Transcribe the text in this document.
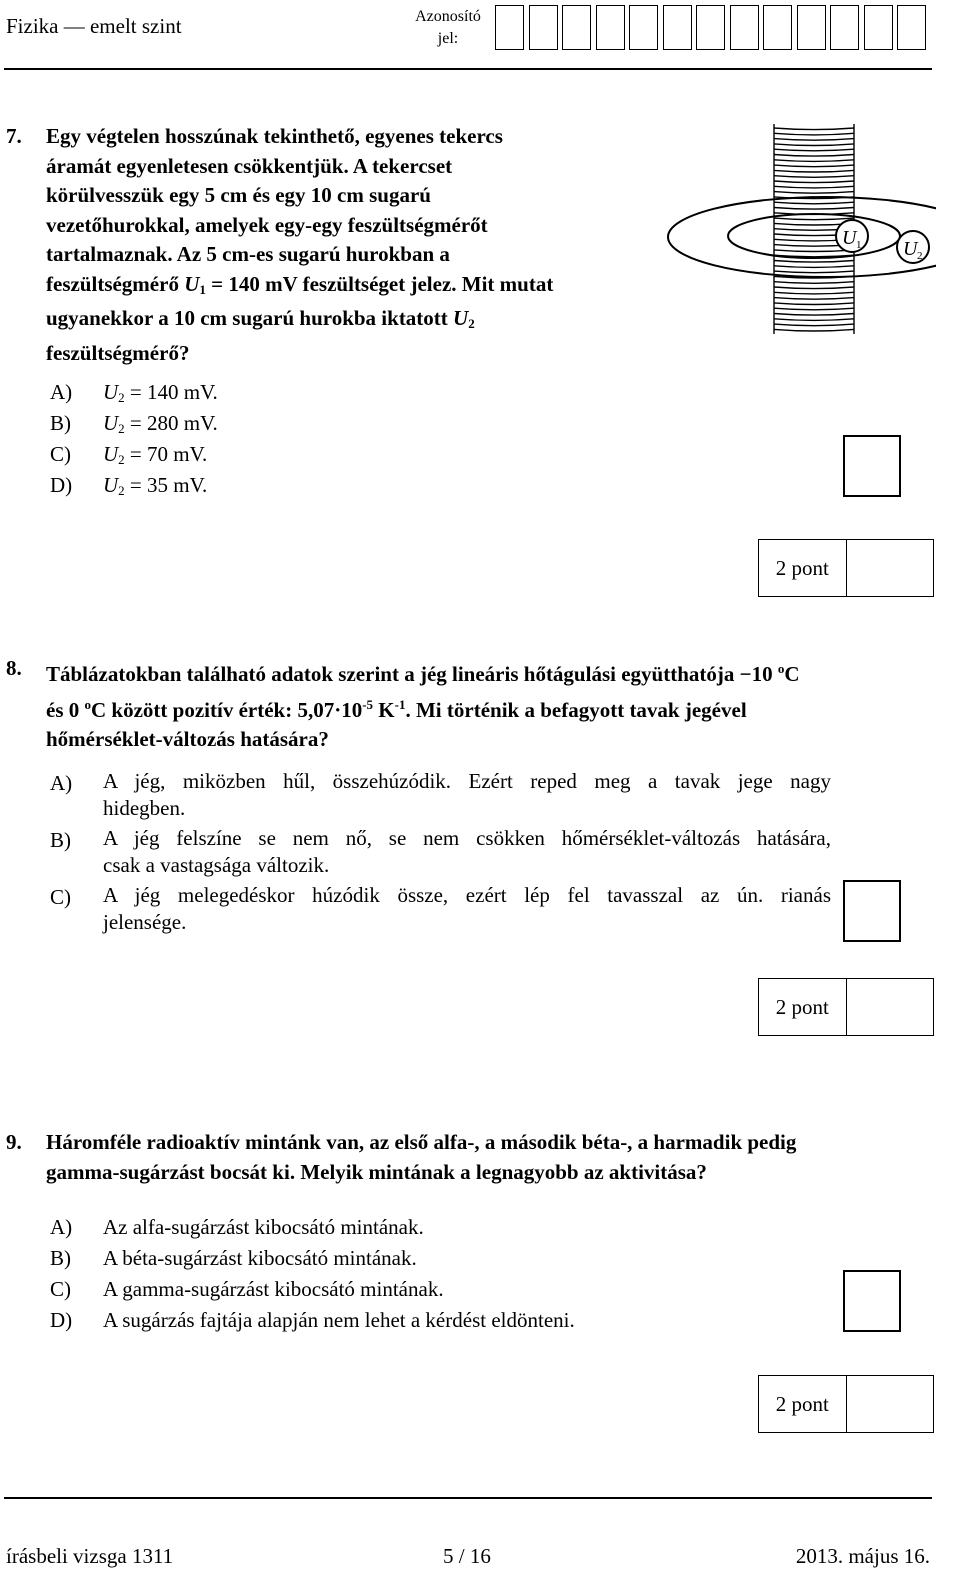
Fizika — emelt szint	Azonosító
jel:
7. Egy végtelen hosszúnak tekinthető, egyenes tekercs
áramát egyenletesen csökkentjük. A tekercset
körülvesszük egy 5 cm és egy 10 cm sugarú
vezetőhurokkal, amelyek egy-egy feszültségmérőt
tartalmaznak. Az 5 cm-es sugarú hurokban a
feszültségmérő $U_1 = 140$ mV feszültséget jelez. Mit mutat
ugyanekkor a 10 cm sugarú hurokba iktatott $U_2$
feszültségmérő?
U 1 U 2
A) $U_2 = 140$ mV.
B) $U_2 = 280$ mV.
C) $U_2 = 70$ mV.
D) $U_2 = 35$ mV.
2 pont
8. Táblázatokban található adatok szerint a jég lineáris hőtágulási együtthatója −10 $^o$C
és 0 $^o$C között pozitív érték: $5,07\cdot 10^{-5}$ $K^{-1}$. Mi történik a befagyott tavak jegével
hőmérséklet-változás hatására?
A) A jég, miközben hűl, összehúzódik. Ezért reped meg a tavak jege nagy
hidegben.
B) A jég felszíne se nem nő, se nem csökken hőmérséklet-változás hatására,
csak a vastagsága változik.
C) A jég melegedéskor húzódik össze, ezért lép fel tavasszal az ún. rianás
jelensége.
2 pont
9. Háromféle radioaktív mintánk van, az első alfa-, a második béta-, a harmadik pedig
gamma-sugárzást bocsát ki. Melyik mintának a legnagyobb az aktivitása?
A) Az alfa-sugárzást kibocsátó mintának.
B) A béta-sugárzást kibocsátó mintának.
C) A gamma-sugárzást kibocsátó mintának.
D) A sugárzás fajtája alapján nem lehet a kérdést eldönteni.
2 pont
írásbeli vizsga 1311	5 / 16	2013. május 16.
